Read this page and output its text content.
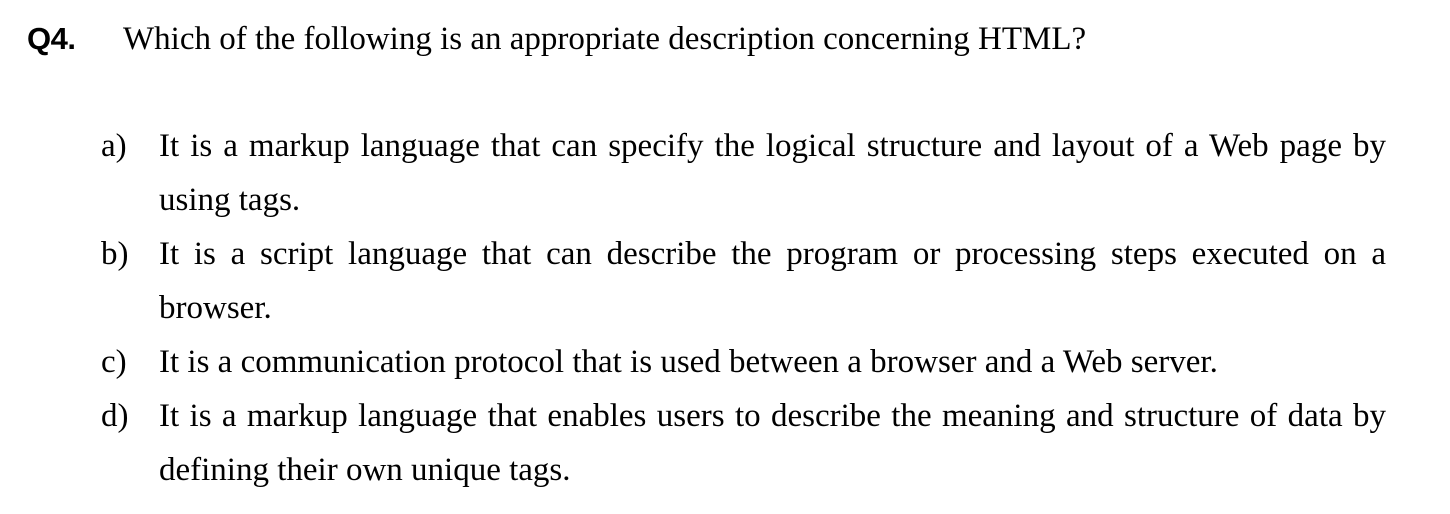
Q4. Which of the following is an appropriate description concerning HTML?
a) It is a markup language that can specify the logical structure and layout of a Web page by using tags.
b) It is a script language that can describe the program or processing steps executed on a browser.
c) It is a communication protocol that is used between a browser and a Web server.
d) It is a markup language that enables users to describe the meaning and structure of data by defining their own unique tags.
